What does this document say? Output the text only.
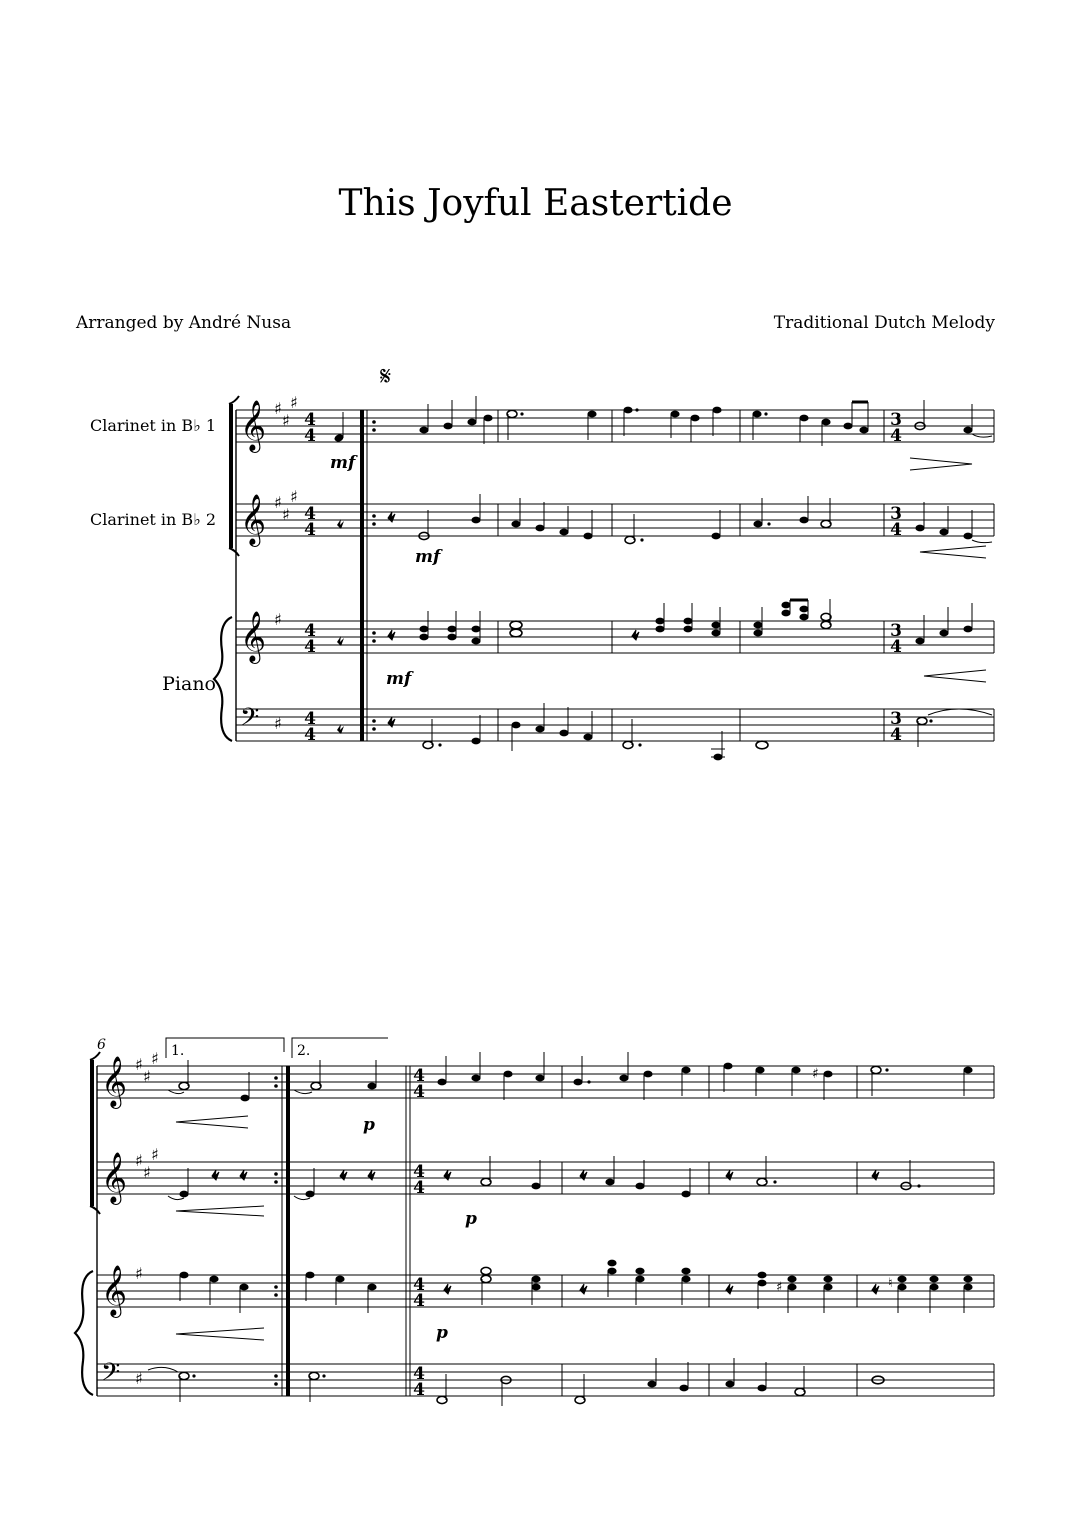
This Joyful Eastertide
Arranged by André Nusa	Traditional Dutch Melody
Clarinet in B♭ 1
Clarinet in B♭ 2
Piano
𝄞
𝄞
𝄞
𝄢
♯
♯
♯
♯
♯
♯
♯
♯
4
4
4
4
4
4
4
4
𝄋
mf
3
4
3
4
3
4
3
4
mf
mf
6
𝄞
𝄞
𝄞
𝄢
♯
♯
♯
♯
♯
♯
♯
♯
1.	2.
4
4
4
4
4
4
4
4
♯
p
p
♯	♮
p
